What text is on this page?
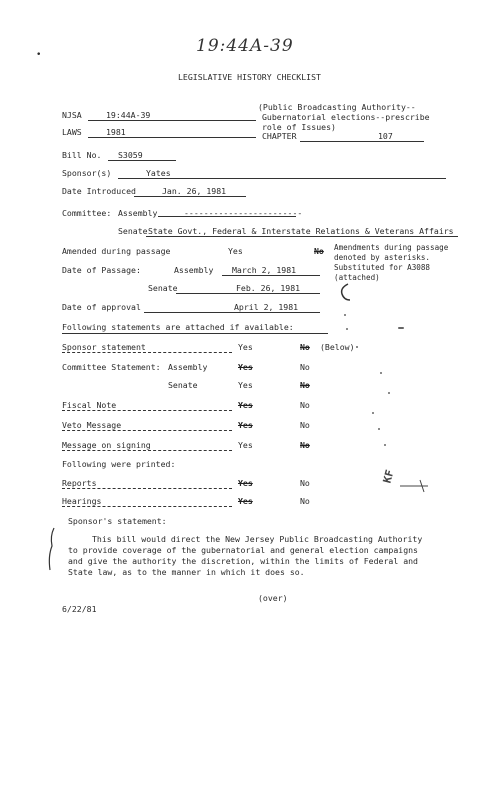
19:44A-39
LEGISLATIVE HISTORY CHECKLIST
•
NJSA	19:44A-39
(Public Broadcasting Authority--
Gubernatorial elections--prescribe
role of Issues)
LAWS	1981	CHAPTER	107
Bill No. S3059
Sponsor(s)	Yates
Date Introduced	Jan. 26, 1981
Committee: Assembly	------------------------
Senate State Govt., Federal & Interstate Relations & Veterans Affairs
Amended during passage	Yes	No Amendments during passage
denoted by asterisks.
Substituted for A3088
(attached)
Date of Passage:	Assembly March 2, 1981
Senate	Feb. 26, 1981
Date of approval	April 2, 1981
Following statements are attached if available:
Sponsor statement	Yes	No (Below)
Committee Statement: Assembly	Yes	No
Senate	Yes	No
Fiscal Note	Yes	No
Veto Message	Yes	No
Message on signing	Yes	No
Following were printed:
Reports	Yes	No
Hearings	Yes	No
Sponsor's statement:
This bill would direct the New Jersey Public Broadcasting Authority
to provide coverage of the gubernatorial and general election campaigns
and give the authority the discretion, within the limits of Federal and
State law, as to the manner in which it does so.
(over)
6/22/81
KF
